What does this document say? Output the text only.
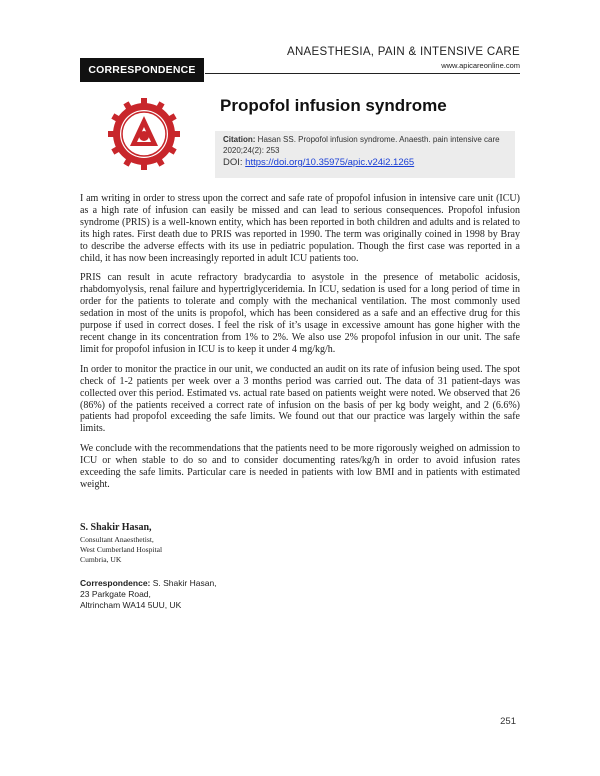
ANAESTHESIA, PAIN & INTENSIVE CARE
www.apicareonline.com
CORRESPONDENCE
Propofol infusion syndrome
Citation: Hasan SS. Propofol infusion syndrome. Anaesth. pain intensive care 2020;24(2): 253
DOI: https://doi.org/10.35975/apic.v24i2.1265

I am writing in order to stress upon the correct and safe rate of propofol infusion in intensive care unit (ICU) as a high rate of infusion can easily be missed and can lead to serious consequences. Propofol infusion syndrome (PRIS) is a well-known entity, which has been reported in both children and adults and is related to its high rates. First death due to PRIS was reported in 1990. The term was originally coined in 1998 by Bray to describe the adverse effects with its use in pediatric population. Though the first case was reported in a child, it has now been increasingly reported in adult ICU patients too.

PRIS can result in acute refractory bradycardia to asystole in the presence of metabolic acidosis, rhabdomyolysis, renal failure and hypertriglyceridemia. In ICU, sedation is used for a long period of time in order for the patients to tolerate and comply with the mechanical ventilation. The most commonly used sedation in most of the units is propofol, which has been considered as a safe and an effective drug for this purpose if used in correct doses. I feel the risk of it’s usage in excessive amount has gone higher with the recent change in its concentration from 1% to 2%. We also use 2% propofol infusion in our unit. The safe limit for propofol infusion in ICU is to keep it under 4 mg/kg/h.

In order to monitor the practice in our unit, we conducted an audit on its rate of infusion being used. The spot check of 1-2 patients per week over a 3 months period was carried out. The data of 31 patient-days was collected over this period. Estimated vs. actual rate based on patients weight were noted. We observed that 26 (86%) of the patients received a correct rate of infusion on the basis of per kg body weight, and 2 (6.6%) patients had propofol exceeding the safe limits. We found out that our practice was largely within the safe limits.

We conclude with the recommendations that the patients need to be more rigorously weighed on admission to ICU or when stable to do so and to consider documenting rates/kg/h in order to avoid infusion rates exceeding the safe limits. Particular care is needed in patients with low BMI and in patients with estimated weight.

S. Shakir Hasan,

Consultant Anaesthetist,

West Cumberland Hospital

Cumbria, UK

Correspondence: S. Shakir Hasan,

23 Parkgate Road,

Altrincham WA14 5UU, UK

251
